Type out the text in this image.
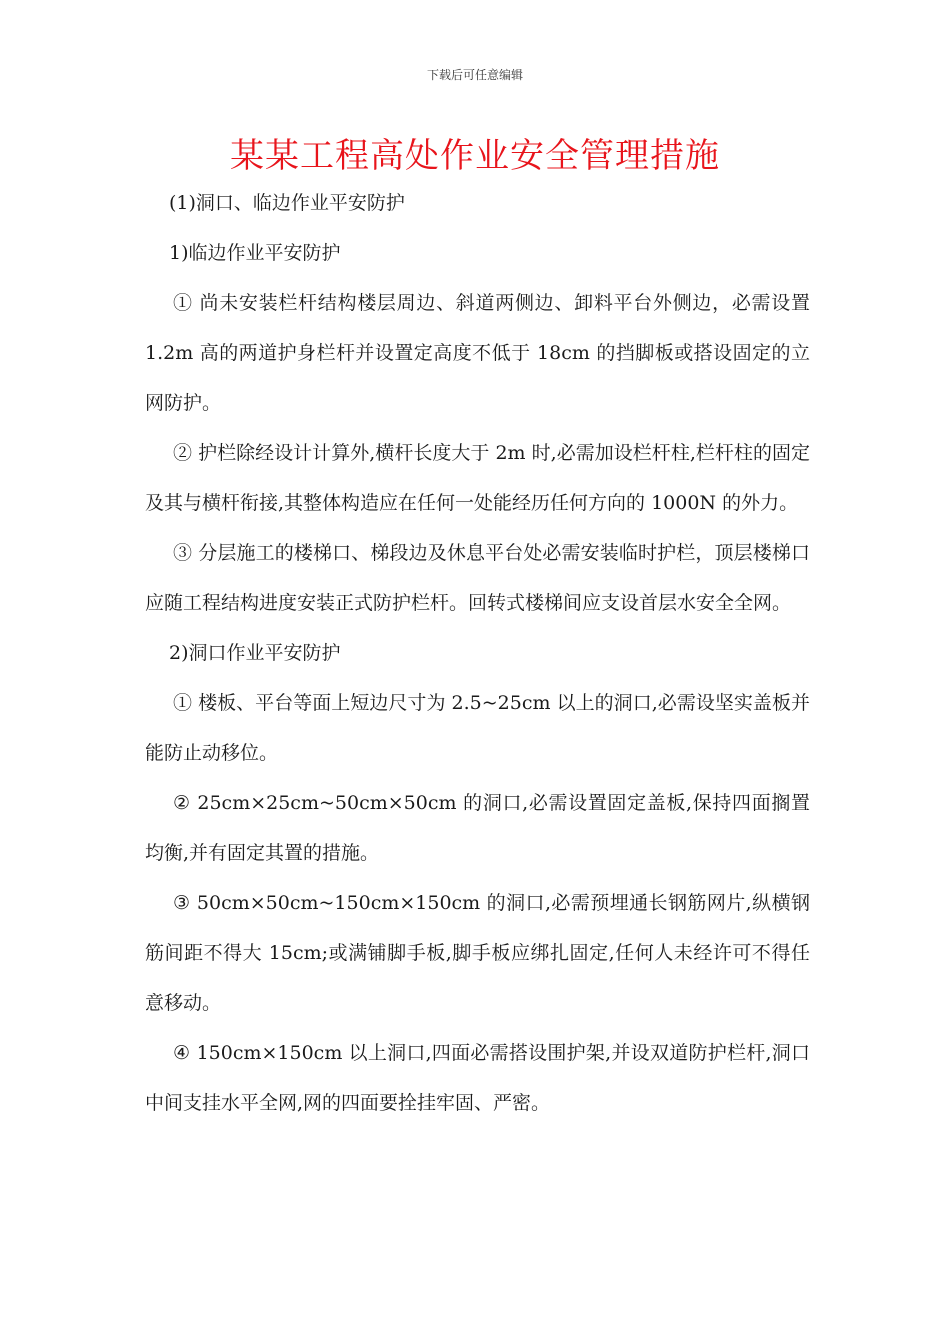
下载后可任意编辑
某某工程高处作业安全管理措施

(1)洞口、临边作业平安防护

1)临边作业平安防护

① 尚未安装栏杆结构楼层周边、斜道两侧边、卸料平台外侧边，必需设置 1.2m 高的两道护身栏杆并设置定高度不低于 18cm 的挡脚板或搭设固定的立网防护。

② 护栏除经设计计算外,横杆长度大于 2m 时,必需加设栏杆柱,栏杆柱的固定及其与横杆衔接,其整体构造应在任何一处能经历任何方向的 1000N 的外力。

③ 分层施工的楼梯口、梯段边及休息平台处必需安装临时护栏，顶层楼梯口应随工程结构进度安装正式防护栏杆。回转式楼梯间应支设首层水安全全网。

2)洞口作业平安防护

① 楼板、平台等面上短边尺寸为 2.5~25cm 以上的洞口,必需设坚实盖板并能防止动移位。

② 25cm×25cm~50cm×50cm 的洞口,必需设置固定盖板,保持四面搁置均衡,并有固定其置的措施。

③ 50cm×50cm~150cm×150cm 的洞口,必需预埋通长钢筋网片,纵横钢筋间距不得大 15cm;或满铺脚手板,脚手板应绑扎固定,任何人未经许可不得任意移动。

④ 150cm×150cm 以上洞口,四面必需搭设围护架,并设双道防护栏杆,洞口中间支挂水平全网,网的四面要拴挂牢固、严密。
